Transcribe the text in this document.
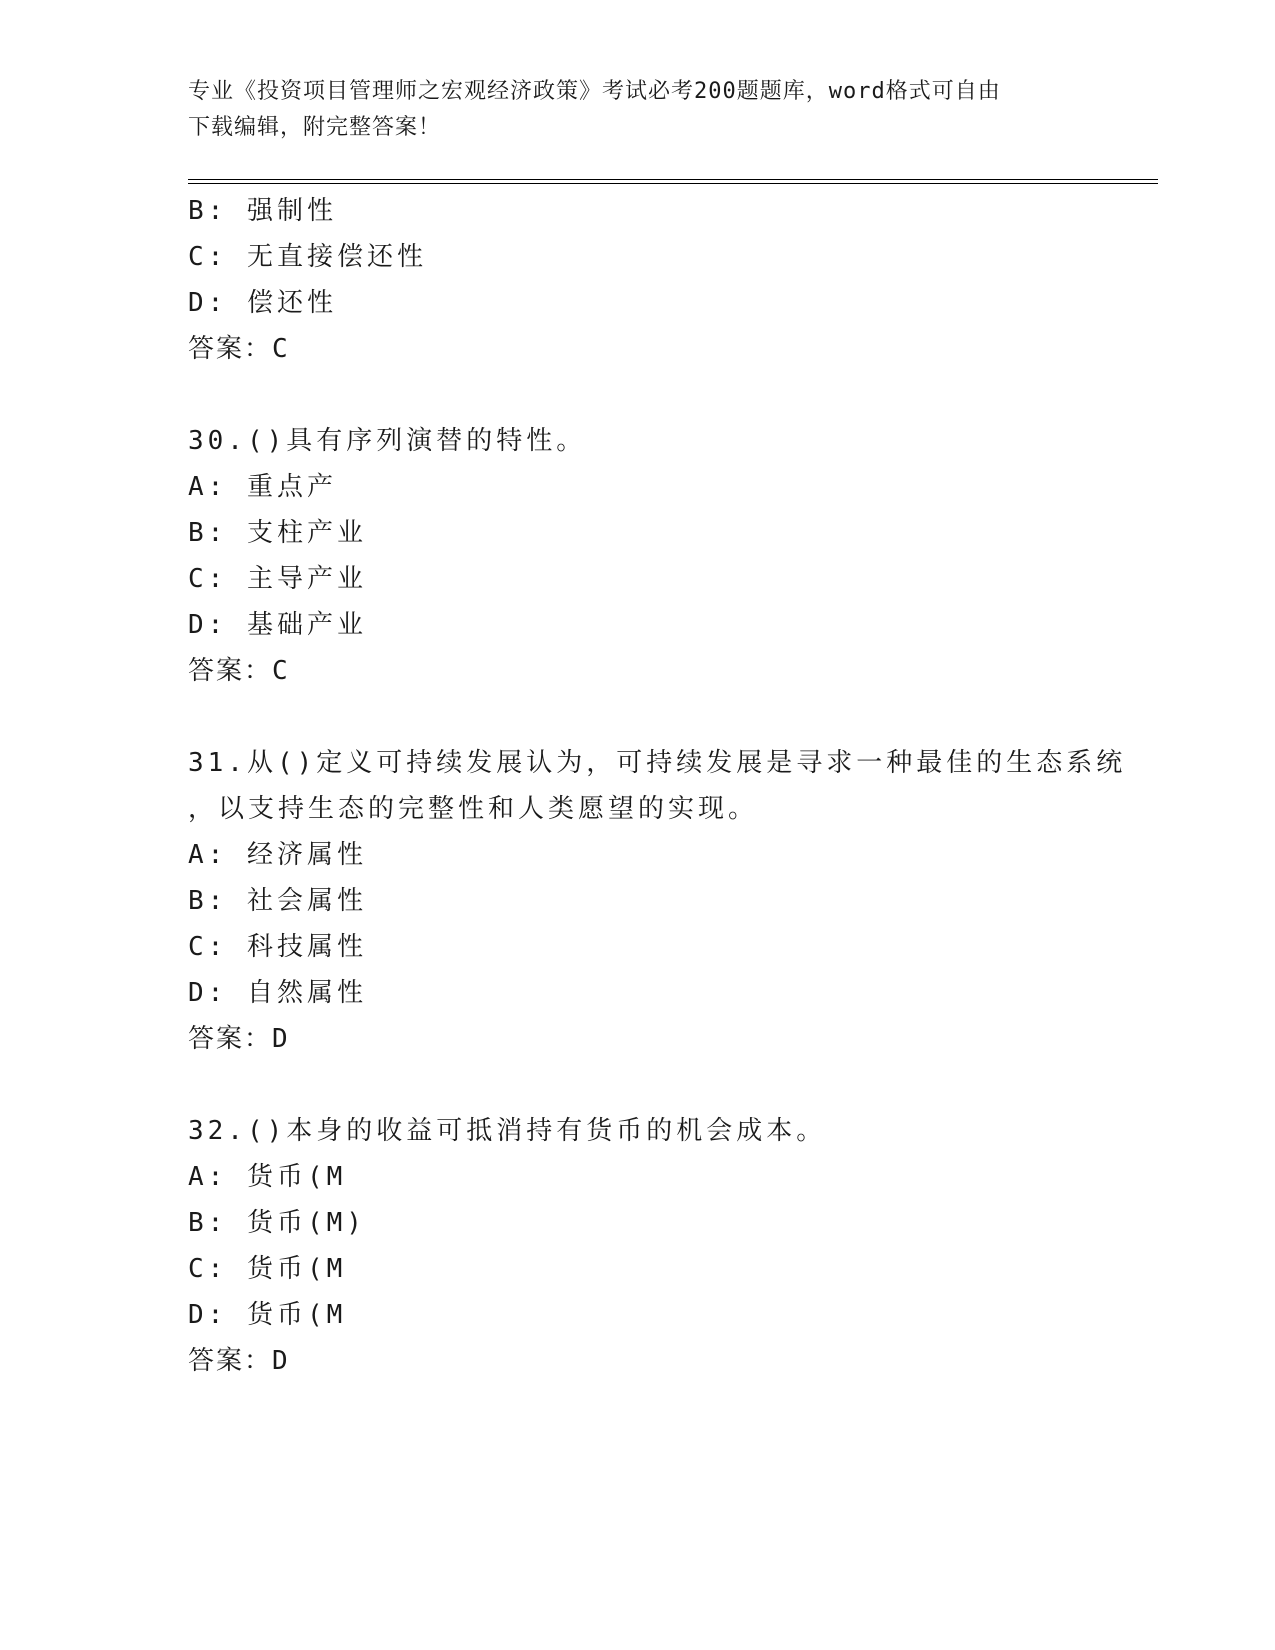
专业《投资项目管理师之宏观经济政策》考试必考200题题库，word格式可自由
下载编辑，附完整答案！
B: 强制性
C: 无直接偿还性
D: 偿还性
答案：C
30.()具有序列演替的特性。
A: 重点产
B: 支柱产业
C: 主导产业
D: 基础产业
答案：C
31.从()定义可持续发展认为，可持续发展是寻求一种最佳的生态系统
，以支持生态的完整性和人类愿望的实现。
A: 经济属性
B: 社会属性
C: 科技属性
D: 自然属性
答案：D
32.()本身的收益可抵消持有货币的机会成本。
A: 货币(M
B: 货币(M)
C: 货币(M
D: 货币(M
答案：D
